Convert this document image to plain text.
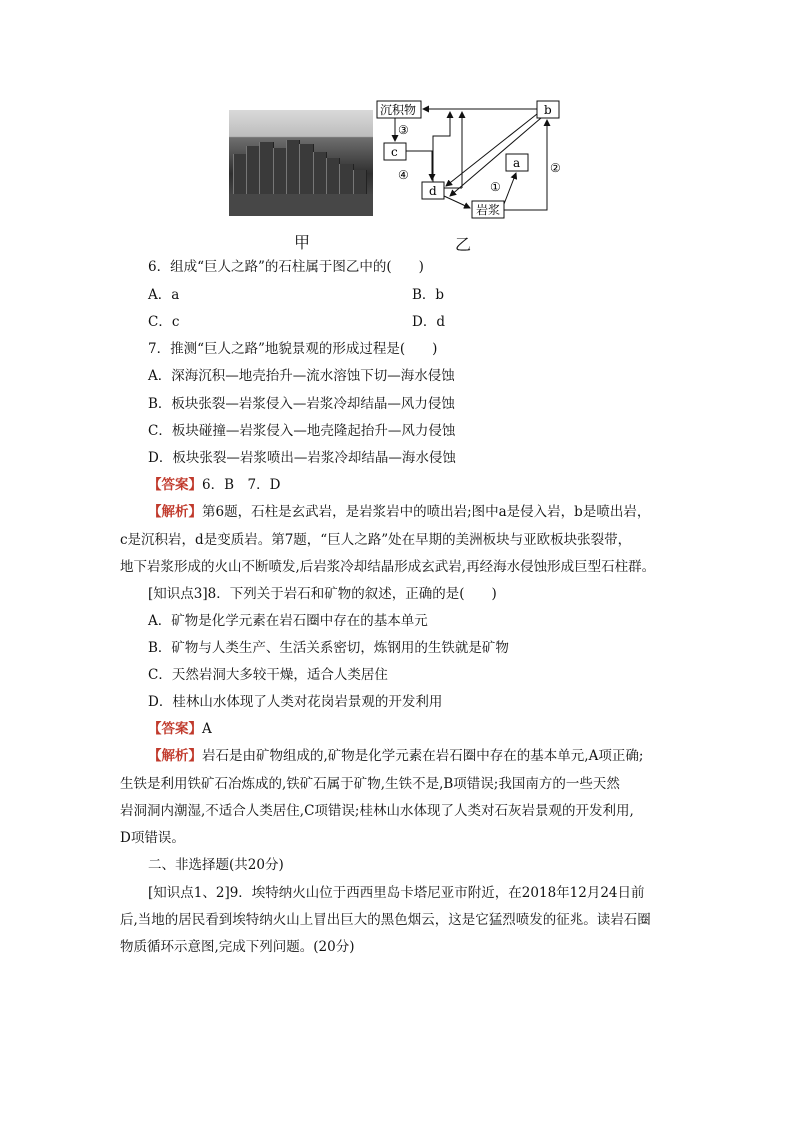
甲
沉积物	b
c
a
d
岩浆
③
④
①
②
乙
6．组成“巨人之路”的石柱属于图乙中的(　　)
A．a	B．b
C．c	D．d
7．推测“巨人之路”地貌景观的形成过程是(　　)
A．深海沉积—地壳抬升—流水溶蚀下切—海水侵蚀
B．板块张裂—岩浆侵入—岩浆冷却结晶—风力侵蚀
C．板块碰撞—岩浆侵入—地壳隆起抬升—风力侵蚀
D．板块张裂—岩浆喷出—岩浆冷却结晶—海水侵蚀
【答案】6．B　7．D
【解析】第6题，石柱是玄武岩，是岩浆岩中的喷出岩;图中a是侵入岩，b是喷出岩，
c是沉积岩，d是变质岩。第7题，“巨人之路”处在早期的美洲板块与亚欧板块张裂带，
地下岩浆形成的火山不断喷发,后岩浆冷却结晶形成玄武岩,再经海水侵蚀形成巨型石柱群。
[知识点3]8．下列关于岩石和矿物的叙述，正确的是(　　)
A．矿物是化学元素在岩石圈中存在的基本单元
B．矿物与人类生产、生活关系密切，炼钢用的生铁就是矿物
C．天然岩洞大多较干燥，适合人类居住
D．桂林山水体现了人类对花岗岩景观的开发利用
【答案】A
【解析】岩石是由矿物组成的,矿物是化学元素在岩石圈中存在的基本单元,A项正确;
生铁是利用铁矿石冶炼成的,铁矿石属于矿物,生铁不是,B项错误;我国南方的一些天然
岩洞洞内潮湿,不适合人类居住,C项错误;桂林山水体现了人类对石灰岩景观的开发利用,
D项错误。
二、非选择题(共20分)
[知识点1、2]9．埃特纳火山位于西西里岛卡塔尼亚市附近，在2018年12月24日前
后,当地的居民看到埃特纳火山上冒出巨大的黑色烟云，这是它猛烈喷发的征兆。读岩石圈
物质循环示意图,完成下列问题。(20分)
